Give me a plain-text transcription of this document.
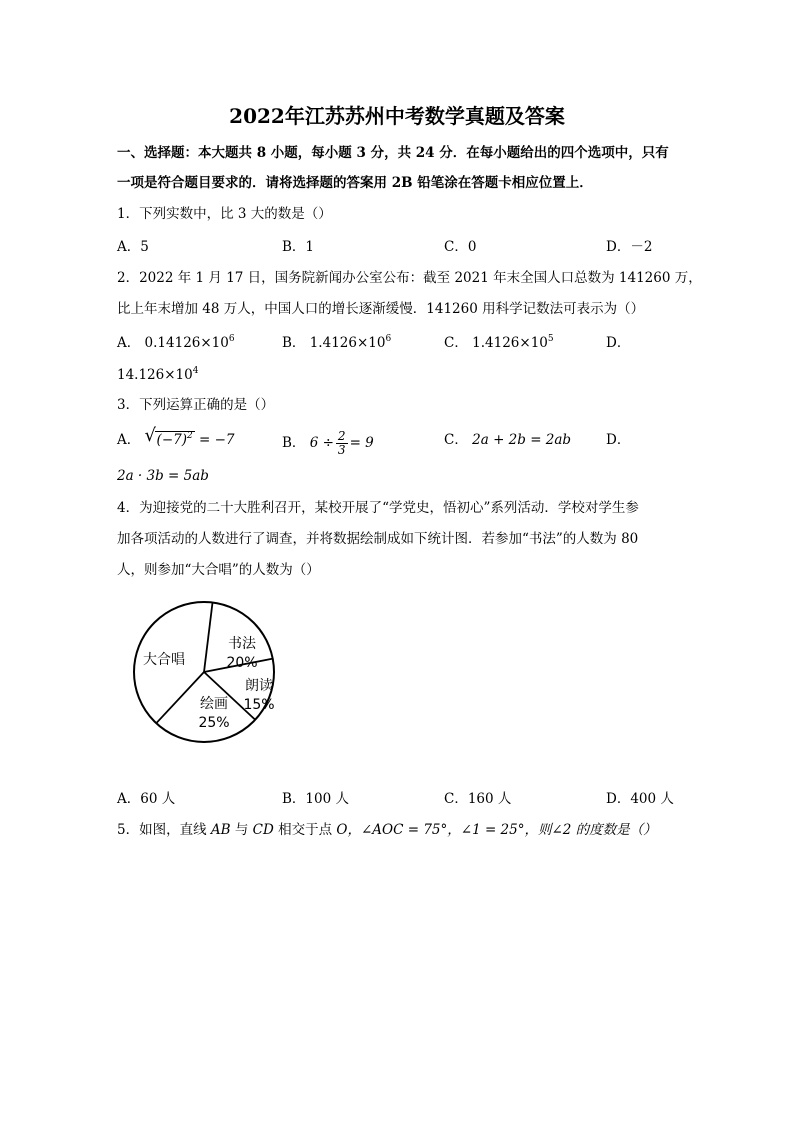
2022年江苏苏州中考数学真题及答案
一、选择题：本大题共 8 小题，每小题 3 分，共 24 分．在每小题给出的四个选项中，只有
一项是符合题目要求的．请将选择题的答案用 2B 铅笔涂在答题卡相应位置上．
1．下列实数中，比 3 大的数是（）
A．5	B．1	C．0	D．－2
2．2022 年 1 月 17 日，国务院新闻办公室公布：截至 2021 年末全国人口总数为 141260 万，
比上年末增加 48 万人，中国人口的增长逐渐缓慢．141260 用科学记数法可表示为（）
A． $0.14126\times 10^6$	B． $1.4126\times 10^6$	C． $1.4126\times 10^5$	D．
$14.126\times 10^4$
3．下列运算正确的是（）
A． √ $(-7)^2 = -7$	B． $6 \div \frac{2}{3} = 9$	C． 2a + 2b = 2ab	D．
2a · 3b = 5ab
4．为迎接党的二十大胜利召开，某校开展了“学党史，悟初心”系列活动．学校对学生参
加各项活动的人数进行了调查，并将数据绘制成如下统计图．若参加“书法”的人数为 80
人，则参加“大合唱”的人数为（）
书法
20%
朗读
15%
绘画
25%
大合唱
A．60 人	B．100 人	C．160 人	D．400 人
5．如图，直线 AB 与 CD 相交于点 O，∠AOC = 75°，∠1 = 25°，则∠2 的度数是（）
